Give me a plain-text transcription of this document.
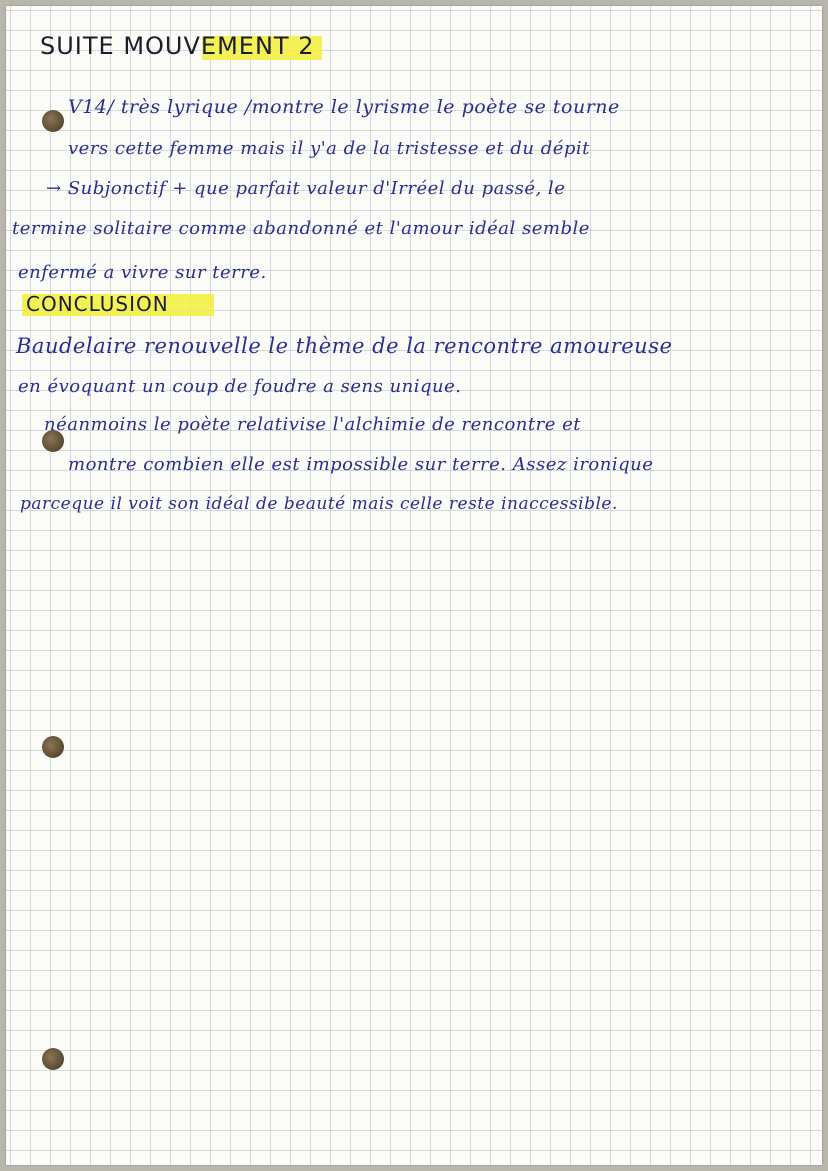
SUITE MOUVEMENT 2
V14/ très lyrique /montre le lyrisme le poète se tourne
vers cette femme mais il y'a de la tristesse et du dépit
→ Subjonctif + que parfait valeur d'Irréel du passé, le
termine solitaire comme abandonné et l'amour idéal semble
enfermé a vivre sur terre.
CONCLUSION
Baudelaire renouvelle le thème de la rencontre amoureuse
en évoquant un coup de foudre a sens unique.
néanmoins le poète relativise l'alchimie de rencontre et
montre combien elle est impossible sur terre. Assez ironique
parceque il voit son idéal de beauté mais celle reste inaccessible.
